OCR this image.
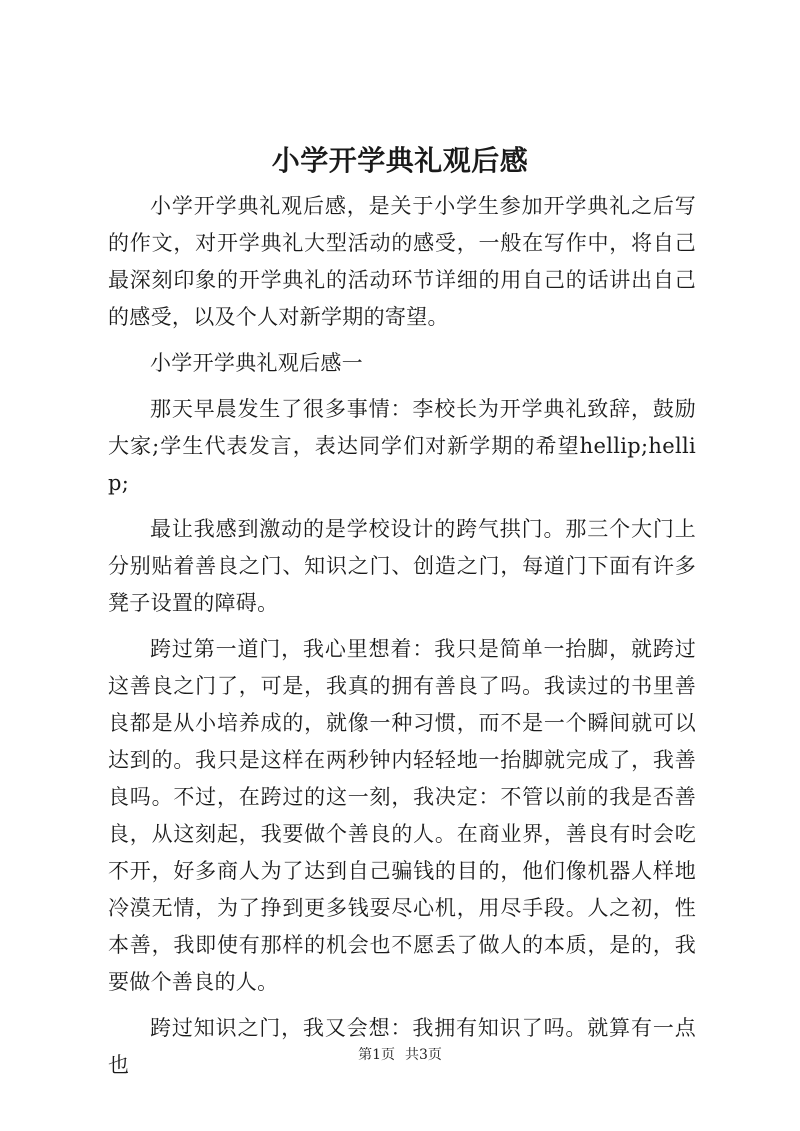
小学开学典礼观后感

小学开学典礼观后感，是关于小学生参加开学典礼之后写的作文，对开学典礼大型活动的感受，一般在写作中，将自己最深刻印象的开学典礼的活动环节详细的用自己的话讲出自己的感受，以及个人对新学期的寄望。

小学开学典礼观后感一

那天早晨发生了很多事情：李校长为开学典礼致辞，鼓励大家;学生代表发言，表达同学们对新学期的希望hellip;hellip;

最让我感到激动的是学校设计的跨气拱门。那三个大门上分别贴着善良之门、知识之门、创造之门，每道门下面有许多凳子设置的障碍。

跨过第一道门，我心里想着：我只是简单一抬脚，就跨过这善良之门了，可是，我真的拥有善良了吗。我读过的书里善良都是从小培养成的，就像一种习惯，而不是一个瞬间就可以达到的。我只是这样在两秒钟内轻轻地一抬脚就完成了，我善良吗。不过，在跨过的这一刻，我决定：不管以前的我是否善良，从这刻起，我要做个善良的人。在商业界，善良有时会吃不开，好多商人为了达到自己骗钱的目的，他们像机器人样地冷漠无情，为了挣到更多钱耍尽心机，用尽手段。人之初，性本善，我即使有那样的机会也不愿丢了做人的本质，是的，我要做个善良的人。

跨过知识之门，我又会想：我拥有知识了吗。就算有一点也	第1页 共3页
